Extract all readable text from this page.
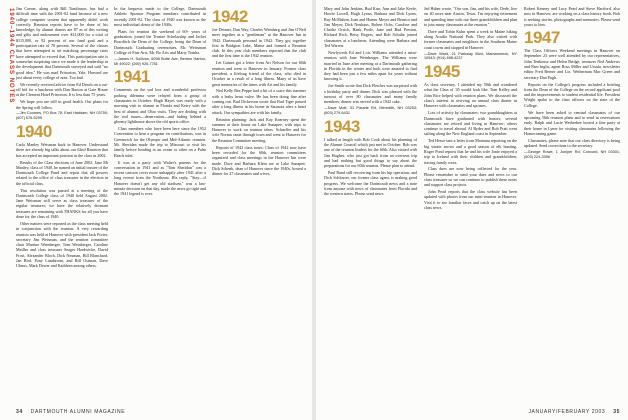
1940–1944 CLASS NOTES Jim Corner, along with Bill Tomlinson, has had a difficult time with the 2001-02 fund because of a new college computer system that apparently didn't work correctly. Reunion reports have to be done of his knowledge; by alumni donors are 87 as of this writing and gifts and endowment over $12,000 for a total of $115,000, or 92 percent of our fund goal and a participation rate of 70 percent. Several of the classes that have attempted to set matching percentage rates have attempted to exceed that. This participation rate is somewhat surprising since we made it the leadership in the development that Dartmouth surveyed and said "no good idea." He was mad Princeton, Yale, Harvard are just about every college of note. Too bad.

We recently received advice from Ed Dench on a cut-off bid for a luncheon with Dan Burton at Gate House at the Clement Hotel Princeton. It is less than 75 years.

We hope you are still in good health. Our plans for the Spring will follow.

—Jim Coomes, PO Box 78, East Haddam, NH 03750; (607) 676-5299
1940

Carla Manley Weisman back in Hanover. Understand there are already big talks about our 62nd Reunion that has accepted an important position in the class in 2002.

Results of the Class elections of June 2002: Jane Mt Manley, class of 1940, he named an initial trustee of the Dartmouth College Fund and report that all powers related to the office of class treasurer in the election in the official class.

This resolution was passed at a meeting of the Dartmouth College class of 1940 held August 2002. Jane Weisman will serve as class treasurer of the regular treasurer; we have the relatively dormant treasurer are remaining with THANKS for all you have done for the class of 1940.

Other matters were reported as the class meeting held in conjunction with the reunion. A very rewarding reunion was held at Hanover with president Jack Porter, secretary Jim Weisman, and the reunion committee chair Martine Weinberger, Tom Weinberger, Caroline Mailles and class treasurer Seager Hardwicke, David Frost, Alexander Bloch, Dick Neuman, Bill Blanchard, Jan Bird, Pony Lundstrom, and Bill Ostman, Dave Ulmus, Mark Dewer and Kathleen among others.

In the bequests made to the College, Dartmouth Athletic Sponsor Program members contributed in recently 2001-02. The class of 1940 was known as the most individual donor of the 1940s.

Plans for reunion the weekend of 60+ years of graduation, joined the Trustee Scholarship and Jacket Bowditch the Dean of the College, being the Dean of Dartmouth. Graduating ceremonies, Mr. Weissman College of Fine Arts, Mr. Bo Arts and Marty Tomba.

—James H. Sullivan, 6098 Butte Ave, Benton Harbor, MI 49022; (269) 926-7781
1941

Comments on the sad loss and wonderful professor parking dilemma were relayed from a group of classmates in October. Hugh Hayes was ready with a morning visit to alumni in Florida and Kerry with the best of alumni and Ohio visits. They are dealing with the real issues—denervation—and hiding behind a gloomy lighthouse above the old sports office.

Class members who have been here since the 1952 Convention to hear a program on contributions, was in Greenwich for the Olympic and Mid-Atlantic reunion. Mr. Sheridan made the trip to Missouri to visit his family before heading to an ocean or other on a Palm Beach inlet.

It was at a party with Walter's parents for the conversation in 1941 and as "Tom Sheridan" was a recent cartoon cover more unhappily after 1941 after a long retreat from the Northeast. His reply, "Stay—if Hanover doesn't get any old stadium," was a last-minute decision on that day, made the news go tight and the 1941 legend is over.

1942

Joe Detmer, Dan Way, Charles Weinberg and Jim O'Neil meet together at a "gentleman" at the Hanover Inn in 1942. Dartmouth personal in 1942. They got together first in Bridgton Lake, Maine and formed a Reunion club. In this year club members reported that the club and the first time is the 1942 reunion.

Let Gaines got a letter from Art Nelson for our 60th reunion and went to Hanover in January. Former class president, a lifelong friend of the class, who died in October as a result of a long illness. Many of us have great memories of the times with Art and his family.

Ned Kelly Bee Peppe had a bit of a scare this summer with a leaky heart valve. He has been doing fine after coming out. Bud Dickerson wrote that Bud Tiger passed after a long illness in his home in Sarasota after a heart attack. Our sympathies are with his family.

Reunion planning: Jack and Kay Kearney spent the summer at their house on Lake Sunapee, with trips to Hanover to work on reunion ideas. Schaeffer and his wife Norma came through town and went to Hanover for the Reunion Committee meeting.

Reports of 1942 class notes: Class of 1942 now have been recorded for the 60th, reunion committees organized and class meetings in the Hanover Inn were made. Dave and Barbara Klein are at Lake Sunapee. Dick Schenk, dean of Hanover since the 1940s, hosted a dinner for 27 classmates and wives.

34 DARTMOUTH ALUMNI MAGAZINE

Mary and John Jenkins, Bud Karr, Ann and Jake Keefe, Howie Lowell, Hugh Lyons, Barbara and Dick Lyons, Ray McMahon, Joan and Homer Meyer and Bernice and Jim Meyer, Dick Neuhaus, Robert Ochs, Caroline and Charlie Orrick, Hank Poole, Jane and Bud Preston, Richard Rich, Betsy Rogers, and Bob Schultz joined classmates at a luncheon. Attending were Barbara and Ted Warren.

Newlyweds Ed and Lois Williams attended a mini-reunion with Jane Weinberger. The Williams were married in June after meeting at a Dartmouth gathering in Florida in the winter and both were amazed to find they had been just a few miles apart for years without knowing it.

Joe Smith wrote that Dick Fletcher was surprised with a birthday party and dinner. Dick was pleased with the turnout of over 80 classmates and many family members; dinner was served with a 1942 cake.

—Dave Mott, 31 Parade Rd, Meredith, NH 03253; (603) 279-6431
1943

I talked at length with Bob Cook about his planning of the Alumni Council which just met in October. Bob was one of the reunion leaders for the 60th. Also visited with Jim Hughes, who just got back from an overseas trip and had nothing but good things to say about the preparations for our 60th reunion. Please plan to attend.

Paul Rand still recovering from his hip operation, and Dick Schlosser, our former class agent, is making good progress. We welcome the Dartmouth news and a note from anyone with news of classmates from Florida and the western states. Please send news.

Jed Huber wrote, "Our son, Jim, and his wife, Dede, live on 40 acres near Austin, Texas. I'm enjoying retirement and spending time with our three grandchildren and plan to join many classmates at the reunion."

Dave and Tobin Kuhn spent a week in Maine hiking along Acadia National Park. They also visited with former classmates and neighbors in the Southern Maine coast towns and stopped in Hanover.

—Dave Ward, 21 Parkway Blvd, Mamaroneck, NY 10543; (914) 698-4237
1945

As class secretary, I attended my 50th and wondered what the Class of '45 would look like. Tom Kelley and John Rice helped with reunion plans. We discussed the class's interest in reviving an annual class dinner in Hanover with classmates and spouses.

Lots of activity by classmates: two granddaughters at Dartmouth have graduated with honors; several classmates are retired and living in Hanover; others continue to travel abroad. Al Ryder and Bob Pratt went sailing along the New England coast in September.

Ted Hesse sent a letter from Montana reporting on the big winter snows and a good season of elk hunting. Roger Pond reports that he and his wife Janie enjoyed a trip to Ireland with their children and grandchildren, tracing family roots.

Class dues are now being collected for the year. Please remember to send your dues and news to our class treasurer so we can continue to publish these notes and support class projects.

John Pearl reports that the class website has been updated with photos from our mini-reunion in Hanover. Visit it to see familiar faces and catch up on the latest class news.

Robert Kenney and Lucy Pearl and Steve Hartford, also now in Hanover, are working on a class history book. Bob is seeking stories, photographs and memories. Please send yours to him.

1947

The Class Officers Weekend meetings in Hanover on September 23 were well attended by our representatives, John Tenhouse and Helen Bridge, treasurer Ned Andrews and Pam Inglis, agent Ross Miller and Ursula, newsletter editor Fred Berner and Liz. Wetherman Mac Green and secretary Dan Pugh.

Reports on the College's progress included a briefing from the Dean of the College on the record applicant pool and the improvements to student residential life. President Wright spoke to the class officers on the state of the College.

We have been asked to remind classmates of our upcoming 56th reunion plans and to send in reservations early. Ralph and Lucie Wetherbee hosted a fine party at their home in Lyme for visiting classmates following the Homecoming game.

Classmates, please note that our class directory is being updated. Send corrections to the secretary.

—George Rowe, 1 Juniper Rd, Concord, NH 03301; (603) 224-3396
JANUARY/FEBRUARY 2003 35
